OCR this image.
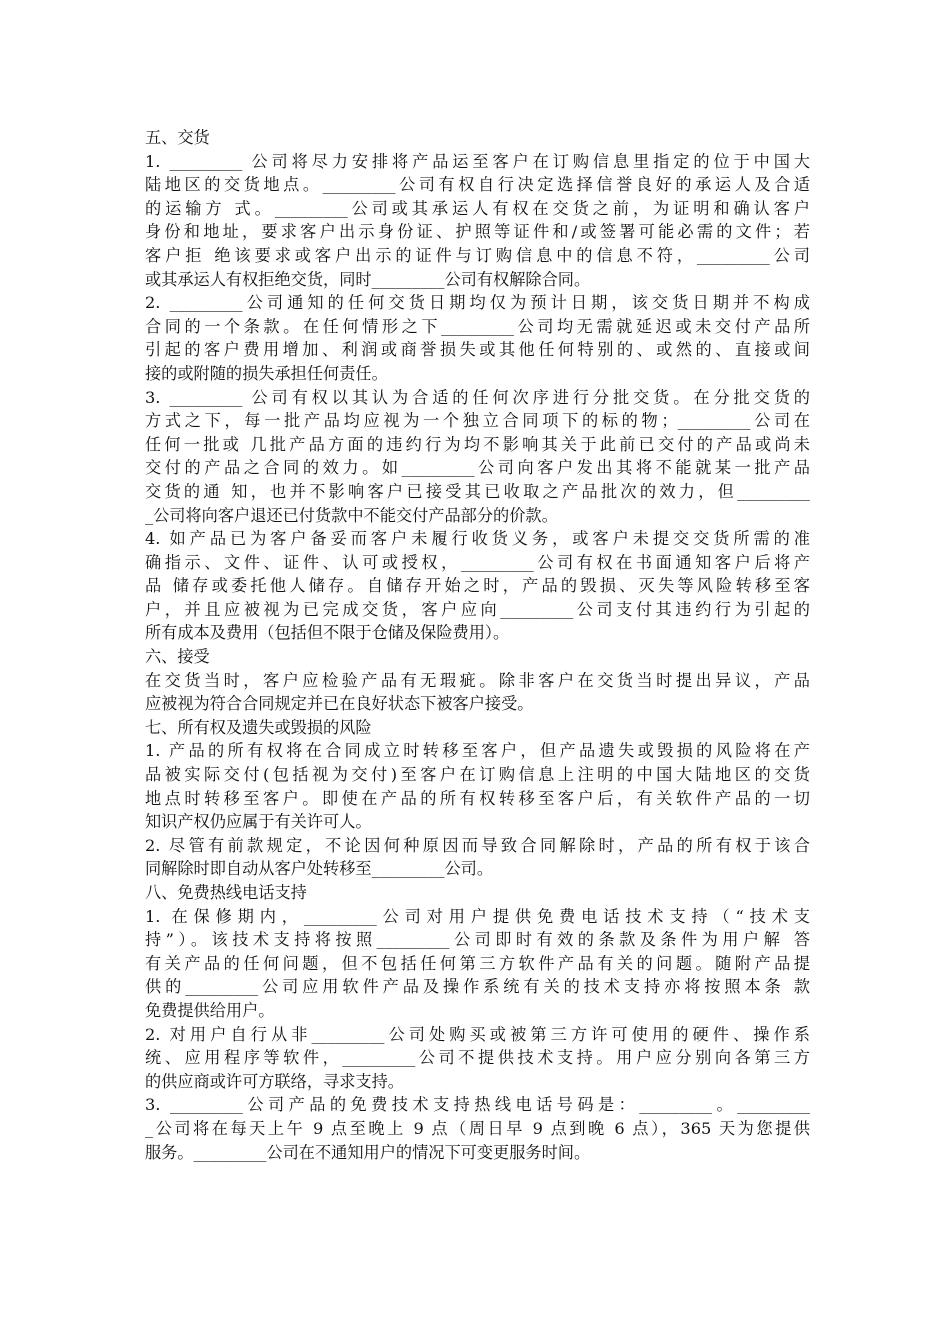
五、交货
1. _________ 公司将尽力安排将产品运至客户在订购信息里指定的位于中国大
陆地区的交货地点。_________公司有权自行决定选择信誉良好的承运人及合适
的运输方 式。_________公司或其承运人有权在交货之前，为证明和确认客户
身份和地址，要求客户出示身份证、护照等证件和/或签署可能必需的文件；若
客户拒 绝该要求或客户出示的证件与订购信息中的信息不符，_________公司
或其承运人有权拒绝交货，同时_________公司有权解除合同。
2. _________公司通知的任何交货日期均仅为预计日期，该交货日期并不构成
合同的一个条款。在任何情形之下_________公司均无需就延迟或未交付产品所
引起的客户费用增加、利润或商誉损失或其他任何特别的、或然的、直接或间
接的或附随的损失承担任何责任。
3. _________ 公司有权以其认为合适的任何次序进行分批交货。在分批交货的
方式之下，每一批产品均应视为一个独立合同项下的标的物；_________公司在
任何一批或 几批产品方面的违约行为均不影响其关于此前已交付的产品或尚未
交付的产品之合同的效力。如_________公司向客户发出其将不能就某一批产品
交货的通 知，也并不影响客户已接受其已收取之产品批次的效力，但_________
_公司将向客户退还已付货款中不能交付产品部分的价款。
4. 如产品已为客户备妥而客户未履行收货义务，或客户未提交交货所需的准
确指示、文件、证件、认可或授权，_________公司有权在书面通知客户后将产
品 储存或委托他人储存。自储存开始之时，产品的毁损、灭失等风险转移至客
户，并且应被视为已完成交货，客户应向_________公司支付其违约行为引起的
所有成本及费用（包括但不限于仓储及保险费用）。
六、接受
在交货当时，客户应检验产品有无瑕疵。除非客户在交货当时提出异议，产品
应被视为符合合同规定并已在良好状态下被客户接受。
七、所有权及遗失或毁损的风险
1. 产品的所有权将在合同成立时转移至客户，但产品遗失或毁损的风险将在产
品被实际交付(包括视为交付)至客户在订购信息上注明的中国大陆地区的交货
地点时转移至客户。即使在产品的所有权转移至客户后，有关软件产品的一切
知识产权仍应属于有关许可人。
2. 尽管有前款规定，不论因何种原因而导致合同解除时，产品的所有权于该合
同解除时即自动从客户处转移至_________公司。
八、免费热线电话支持
1. 在保修期内，_________公司对用户提供免费电话技术支持（“技术支
持”）。该技术支持将按照_________公司即时有效的条款及条件为用户解 答
有关产品的任何问题，但不包括任何第三方软件产品有关的问题。随附产品提
供的_________公司应用软件产品及操作系统有关的技术支持亦将按照本条 款
免费提供给用户。
2. 对用户自行从非_________公司处购买或被第三方许可使用的硬件、操作系
统、应用程序等软件，_________公司不提供技术支持。用户应分别向各第三方
的供应商或许可方联络，寻求支持。
3. _________公司产品的免费技术支持热线电话号码是：_________。_________
_公司将在每天上午 9 点至晚上 9 点（周日早 9 点到晚 6 点），365 天为您提供
服务。_________公司在不通知用户的情况下可变更服务时间。
